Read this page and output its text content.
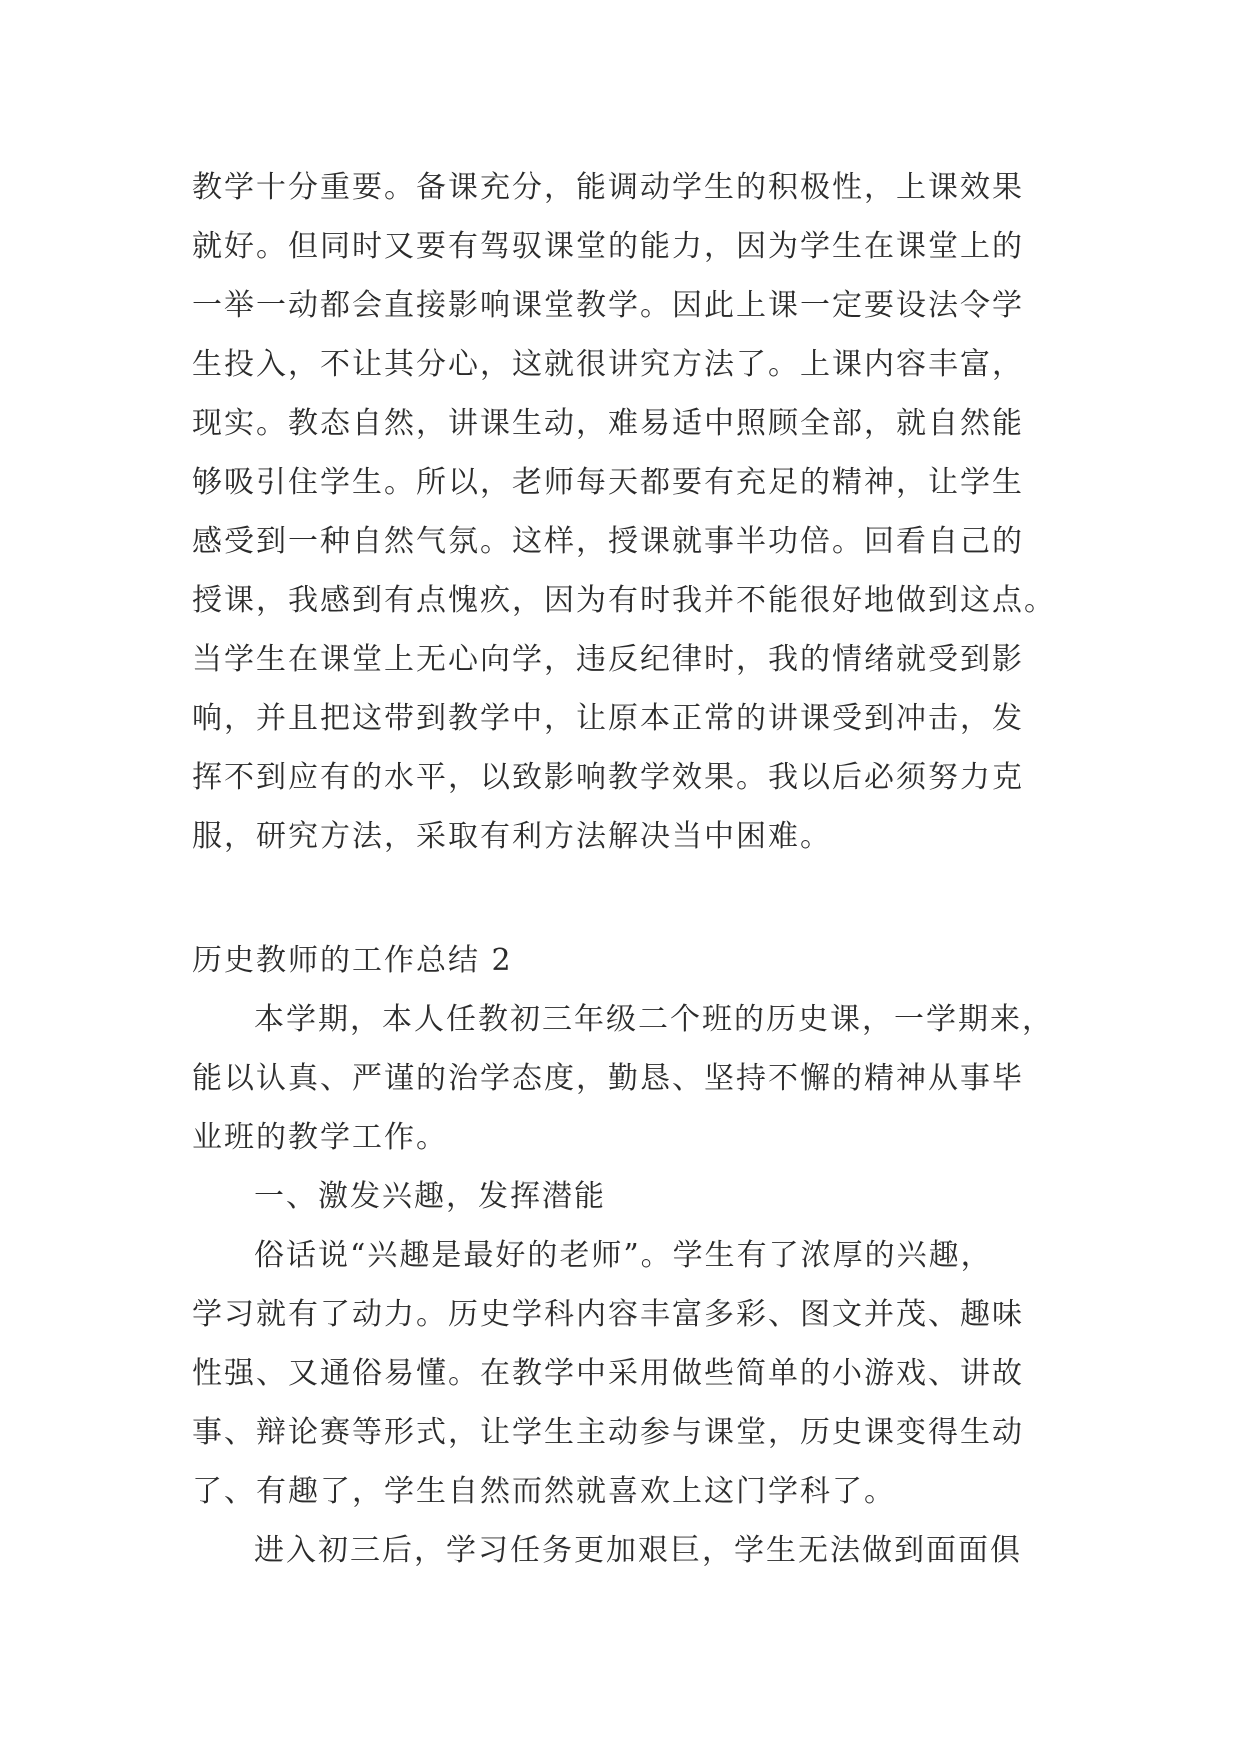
教学十分重要。备课充分，能调动学生的积极性，上课效果

就好。但同时又要有驾驭课堂的能力，因为学生在课堂上的

一举一动都会直接影响课堂教学。因此上课一定要设法令学

生投入，不让其分心，这就很讲究方法了。上课内容丰富，

现实。教态自然，讲课生动，难易适中照顾全部，就自然能

够吸引住学生。所以，老师每天都要有充足的精神，让学生

感受到一种自然气氛。这样，授课就事半功倍。回看自己的

授课，我感到有点愧疚，因为有时我并不能很好地做到这点。

当学生在课堂上无心向学，违反纪律时，我的情绪就受到影

响，并且把这带到教学中，让原本正常的讲课受到冲击，发

挥不到应有的水平，以致影响教学效果。我以后必须努力克

服，研究方法，采取有利方法解决当中困难。

历史教师的工作总结 2

本学期，本人任教初三年级二个班的历史课，一学期来，

能以认真、严谨的治学态度，勤恳、坚持不懈的精神从事毕

业班的教学工作。

一、激发兴趣，发挥潜能

俗话说“兴趣是最好的老师”。学生有了浓厚的兴趣，

学习就有了动力。历史学科内容丰富多彩、图文并茂、趣味

性强、又通俗易懂。在教学中采用做些简单的小游戏、讲故

事、辩论赛等形式，让学生主动参与课堂，历史课变得生动

了、有趣了，学生自然而然就喜欢上这门学科了。

进入初三后，学习任务更加艰巨，学生无法做到面面俱
